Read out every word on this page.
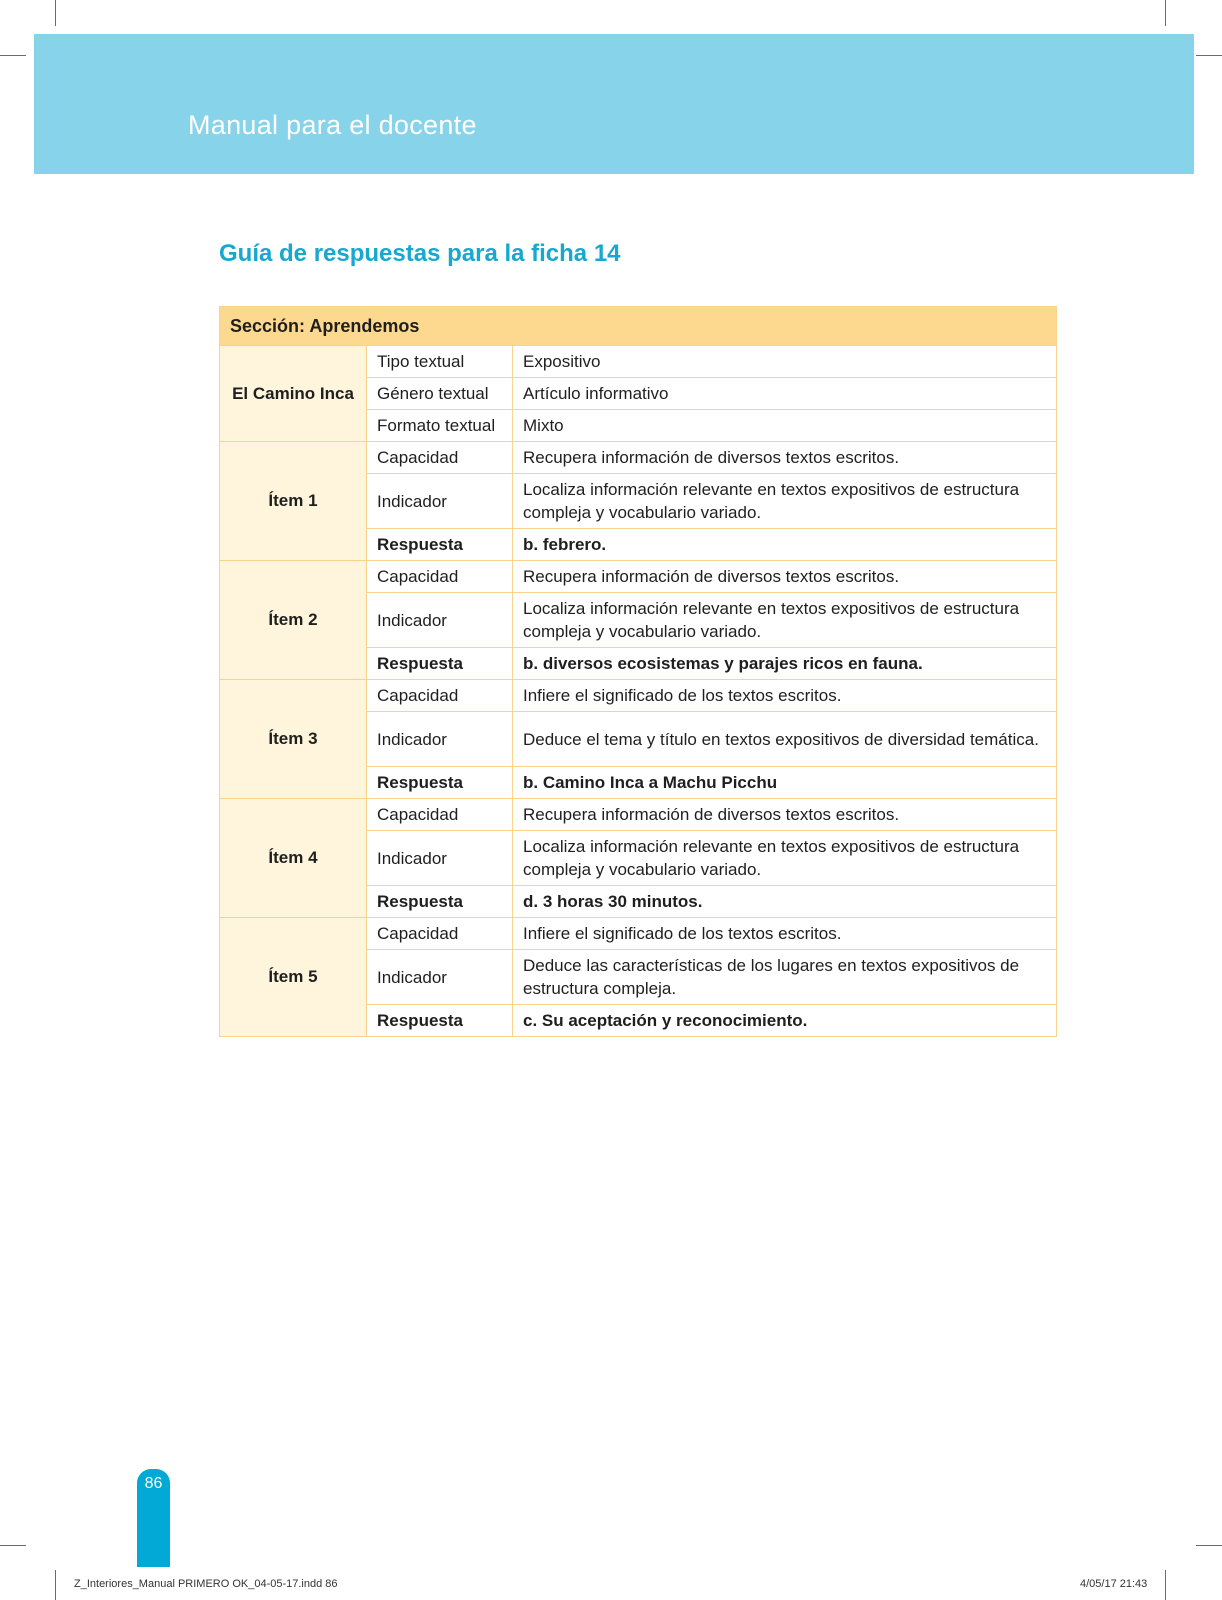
Manual para el docente
Guía de respuestas para la ficha 14
Sección: Aprendemos		
El Camino Inca	Tipo textual	Expositivo
	Género textual	Artículo informativo
	Formato textual	Mixto
Ítem 1	Capacidad	Recupera información de diversos textos escritos.
	Indicador	Localiza información relevante en textos expositivos de estructura compleja y vocabulario variado.
	Respuesta	b. febrero.
Ítem 2	Capacidad	Recupera información de diversos textos escritos.
	Indicador	Localiza información relevante en textos expositivos de estructura compleja y vocabulario variado.
	Respuesta	b. diversos ecosistemas y parajes ricos en fauna.
Ítem 3	Capacidad	Infiere el significado de los textos escritos.
	Indicador	Deduce el tema y título en textos expositivos de diversidad temática.
	Respuesta	b. Camino Inca a Machu Picchu
Ítem 4	Capacidad	Recupera información de diversos textos escritos.
	Indicador	Localiza información relevante en textos expositivos de estructura compleja y vocabulario variado.
	Respuesta	d. 3 horas 30 minutos.
Ítem 5	Capacidad	Infiere el significado de los textos escritos.
	Indicador	Deduce las características de los lugares en textos expositivos de estructura compleja.
	Respuesta	c. Su aceptación y reconocimiento.
86
Z_Interiores_Manual PRIMERO OK_04-05-17.indd 86	4/05/17 21:43
